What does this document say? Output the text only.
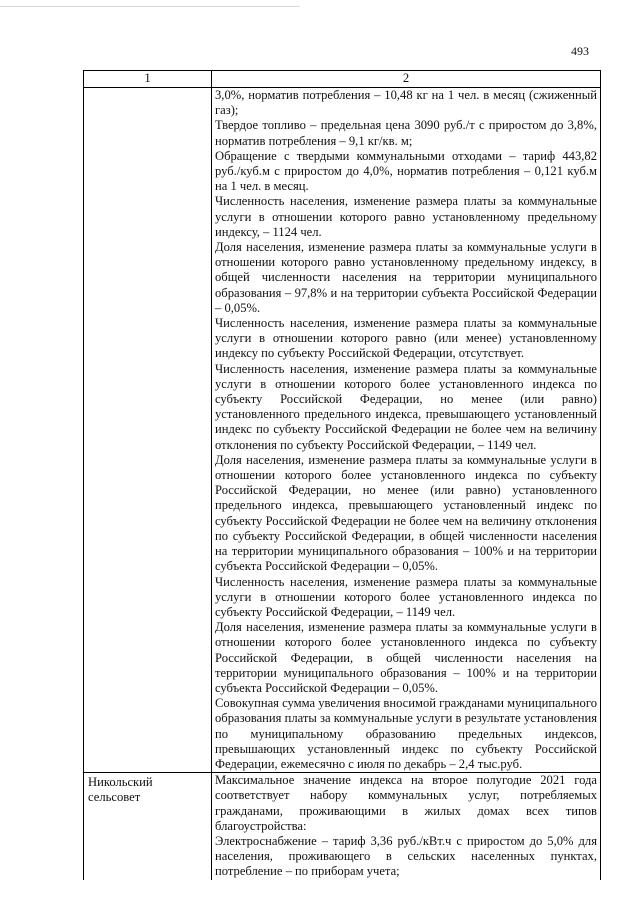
493
1	2

3,0%, норматив потребления – 10,48 кг на 1 чел. в месяц (сжиженный газ);

Твердое топливо – предельная цена 3090 руб./т с приростом до 3,8%, норматив потребления – 9,1 кг/кв. м;

Обращение с твердыми коммунальными отходами – тариф 443,82 руб./куб.м с приростом до 4,0%, норматив потребления – 0,121 куб.м на 1 чел. в месяц.

Численность населения, изменение размера платы за коммунальные услуги в отношении которого равно установленному предельному индексу, – 1124 чел.

Доля населения, изменение размера платы за коммунальные услуги в отношении которого равно установленному предельному индексу, в общей численности населения на территории муниципального образования – 97,8% и на территории субъекта Российской Федерации – 0,05%.

Численность населения, изменение размера платы за коммунальные услуги в отношении которого равно (или менее) установленному индексу по субъекту Российской Федерации, отсутствует.

Численность населения, изменение размера платы за коммунальные услуги в отношении которого более установленного индекса по субъекту Российской Федерации, но менее (или равно) установленного предельного индекса, превышающего установленный индекс по субъекту Российской Федерации не более чем на величину отклонения по субъекту Российской Федерации, – 1149 чел.

Доля населения, изменение размера платы за коммунальные услуги в отношении которого более установленного индекса по субъекту Российской Федерации, но менее (или равно) установленного предельного индекса, превышающего установленный индекс по субъекту Российской Федерации не более чем на величину отклонения по субъекту Российской Федерации, в общей численности населения на территории муниципального образования – 100% и на территории субъекта Российской Федерации – 0,05%.

Численность населения, изменение размера платы за коммунальные услуги в отношении которого более установленного индекса по субъекту Российской Федерации, – 1149 чел.

Доля населения, изменение размера платы за коммунальные услуги в отношении которого более установленного индекса по субъекту Российской Федерации, в общей численности населения на территории муниципального образования – 100% и на территории субъекта Российской Федерации – 0,05%.

Совокупная сумма увеличения вносимой гражданами муниципального образования платы за коммунальные услуги в результате установления по муниципальному образованию предельных индексов, превышающих установленный индекс по субъекту Российской Федерации, ежемесячно с июля по декабрь – 2,4 тыс.руб.

Никольский сельсовет

Максимальное значение индекса на второе полугодие 2021 года соответствует набору коммунальных услуг, потребляемых гражданами, проживающими в жилых домах всех типов благоустройства:

Электроснабжение – тариф 3,36 руб./кВт.ч с приростом до 5,0% для населения, проживающего в сельских населенных пунктах, потребление – по приборам учета;
